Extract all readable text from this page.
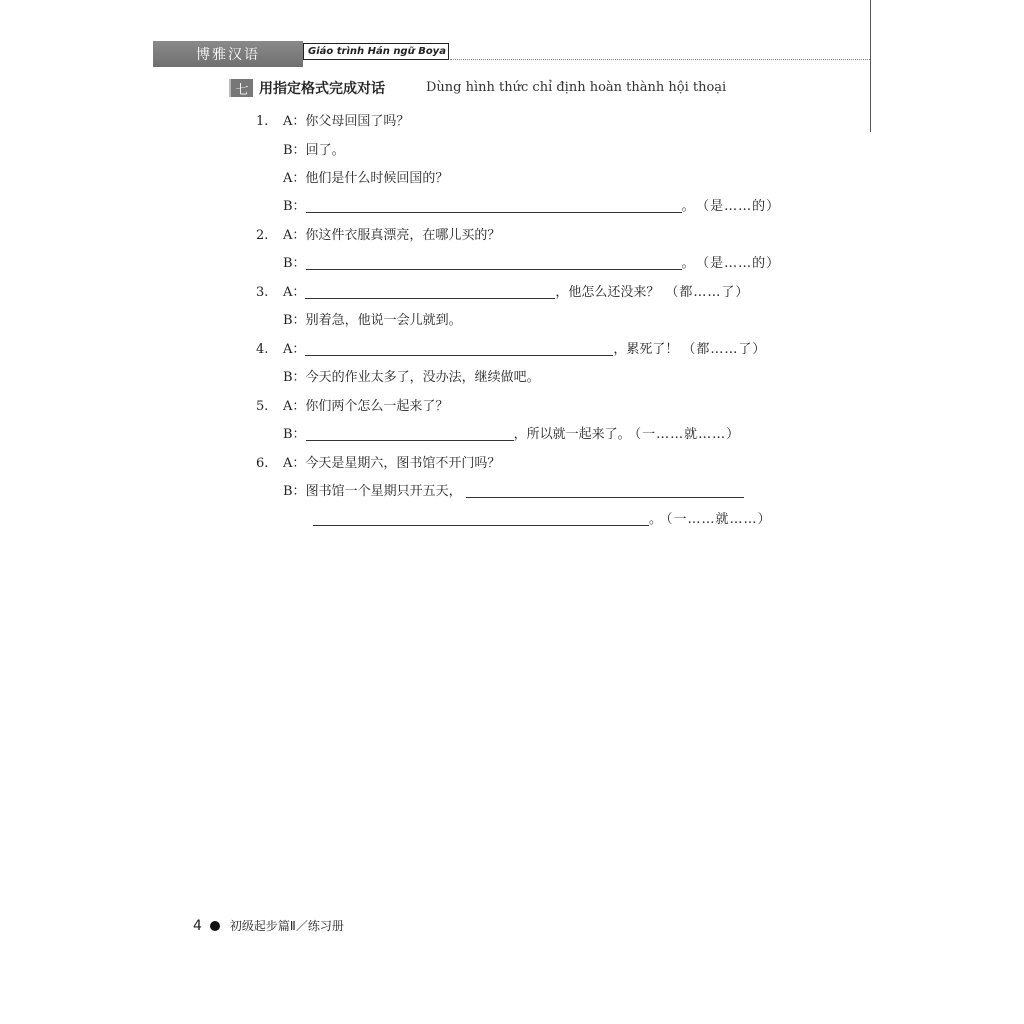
博雅汉语	Giáo trình Hán ngữ Boya
七 用指定格式完成对话	Dùng hình thức chỉ định hoàn thành hội thoại
1. A：你父母回国了吗？
B：回了。
A：他们是什么时候回国的？
B：	。 （是……的）
2. A：你这件衣服真漂亮，在哪儿买的？
B：	。 （是……的）
3. A：	，他怎么还没来？ （都……了）
B：别着急，他说一会儿就到。
4. A：	，累死了！ （都……了）
B：今天的作业太多了，没办法，继续做吧。
5. A：你们两个怎么一起来了？
B：	，所以就一起来了。 （一……就……）
6. A：今天是星期六，图书馆不开门吗？
B：图书馆一个星期只开五天，
。 （一……就……）
4 初级起步篇Ⅱ／练习册
